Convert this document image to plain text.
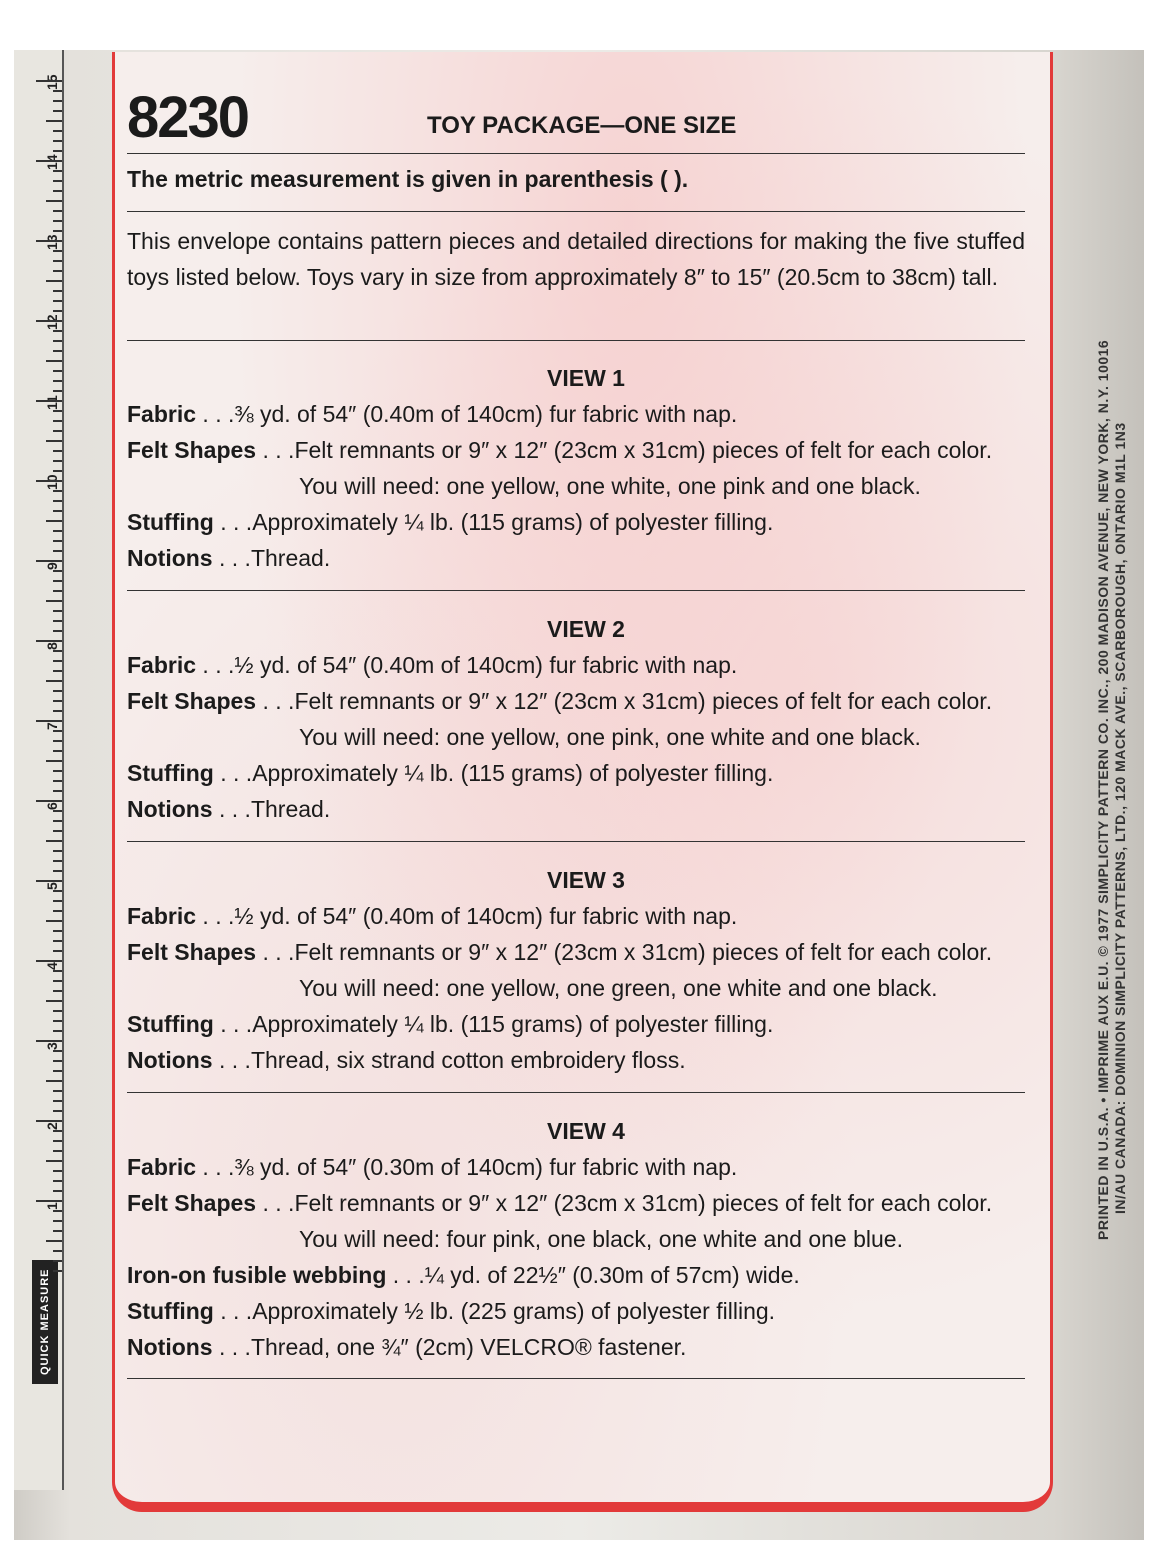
QUICK MEASURE
15
14
13
12
11
10
9
8
7
6
5
4
3
2
1	PRINTED IN U.S.A. • IMPRIME AUX E.U. © 1977 SIMPLICITY PATTERN CO. INC., 200 MADISON AVENUE, NEW YORK, N.Y. 10016 IN/AU CANADA: DOMINION SIMPLICITY PATTERNS, LTD., 120 MACK AVE., SCARBOROUGH, ONTARIO M1L 1N3
8230	TOY PACKAGE—ONE SIZE
The metric measurement is given in parenthesis ( ).
This envelope contains pattern pieces and detailed directions for making the five stuffed toys listed below. Toys vary in size from approximately 8″ to 15″ (20.5cm to 38cm) tall.
VIEW 1
Fabric . . .⅜ yd. of 54″ (0.40m of 140cm) fur fabric with nap.
Felt Shapes . . .Felt remnants or 9″ x 12″ (23cm x 31cm) pieces of felt for each color.
You will need: one yellow, one white, one pink and one black.
Stuffing . . .Approximately ¼ lb. (115 grams) of polyester filling.
Notions . . .Thread.
VIEW 2
Fabric . . .½ yd. of 54″ (0.40m of 140cm) fur fabric with nap.
Felt Shapes . . .Felt remnants or 9″ x 12″ (23cm x 31cm) pieces of felt for each color.
You will need: one yellow, one pink, one white and one black.
Stuffing . . .Approximately ¼ lb. (115 grams) of polyester filling.
Notions . . .Thread.
VIEW 3
Fabric . . .½ yd. of 54″ (0.40m of 140cm) fur fabric with nap.
Felt Shapes . . .Felt remnants or 9″ x 12″ (23cm x 31cm) pieces of felt for each color.
You will need: one yellow, one green, one white and one black.
Stuffing . . .Approximately ¼ lb. (115 grams) of polyester filling.
Notions . . .Thread, six strand cotton embroidery floss.
VIEW 4
Fabric . . .⅜ yd. of 54″ (0.30m of 140cm) fur fabric with nap.
Felt Shapes . . .Felt remnants or 9″ x 12″ (23cm x 31cm) pieces of felt for each color.
You will need: four pink, one black, one white and one blue.
Iron-on fusible webbing . . .¼ yd. of 22½″ (0.30m of 57cm) wide.
Stuffing . . .Approximately ½ lb. (225 grams) of polyester filling.
Notions . . .Thread, one ¾″ (2cm) VELCRO® fastener.
